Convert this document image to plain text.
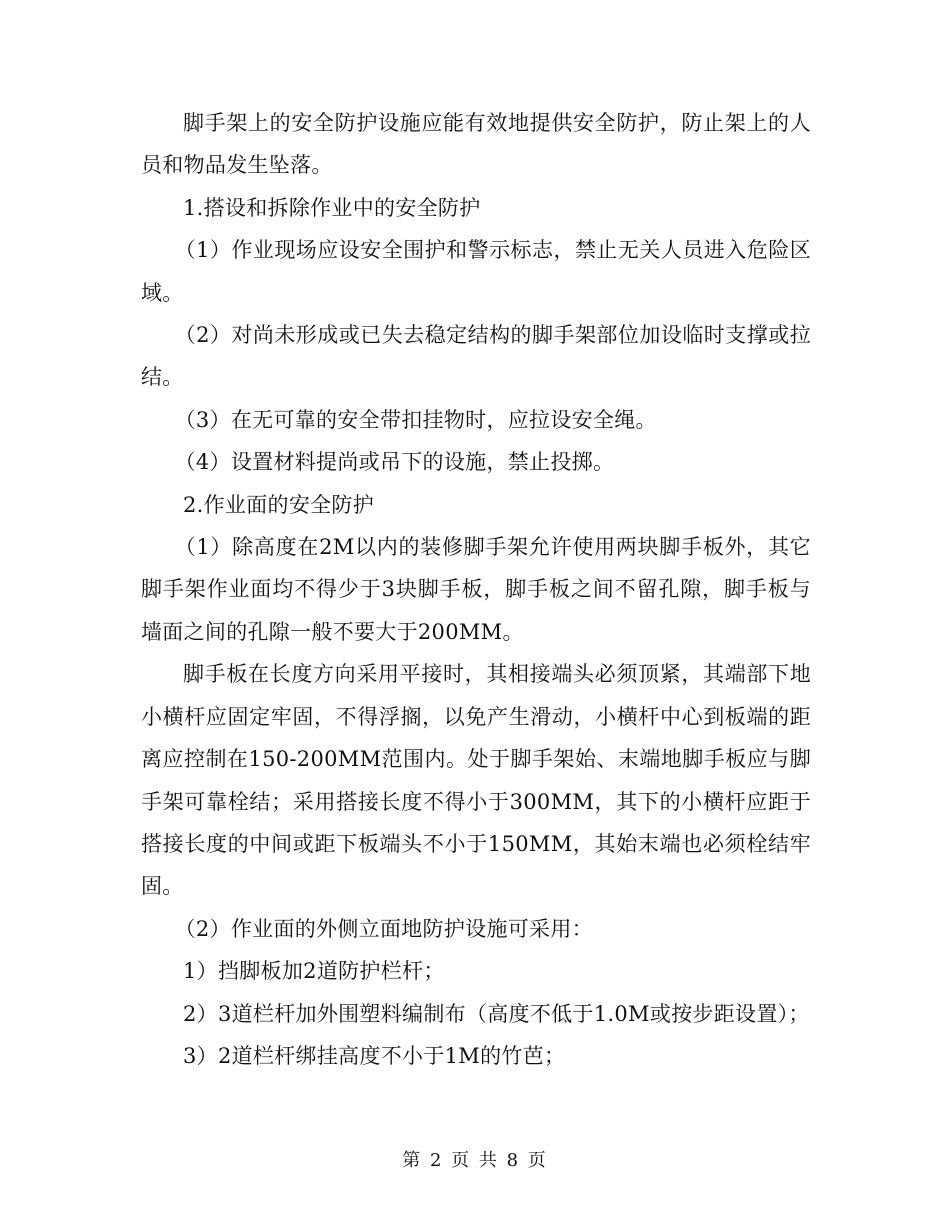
脚手架上的安全防护设施应能有效地提供安全防护，防止架上的人员和物品发生坠落。

1.搭设和拆除作业中的安全防护

（1）作业现场应设安全围护和警示标志，禁止无关人员进入危险区域。

（2）对尚未形成或已失去稳定结构的脚手架部位加设临时支撑或拉结。

（3）在无可靠的安全带扣挂物时，应拉设安全绳。

（4）设置材料提尚或吊下的设施，禁止投掷。

2.作业面的安全防护

（1）除高度在2M以内的装修脚手架允许使用两块脚手板外，其它脚手架作业面均不得少于3块脚手板，脚手板之间不留孔隙，脚手板与墙面之间的孔隙一般不要大于200MM。

脚手板在长度方向采用平接时，其相接端头必须顶紧，其端部下地小横杆应固定牢固，不得浮搁，以免产生滑动，小横杆中心到板端的距离应控制在150-200MM范围内。处于脚手架始、末端地脚手板应与脚手架可靠栓结；采用搭接长度不得小于300MM，其下的小横杆应距于搭接长度的中间或距下板端头不小于150MM，其始末端也必须栓结牢固。

（2）作业面的外侧立面地防护设施可采用：

1）挡脚板加2道防护栏杆；

2）3道栏杆加外围塑料编制布（高度不低于1.0M或按步距设置）；

3）2道栏杆绑挂高度不小于1M的竹芭；

第 2 页 共 8 页
